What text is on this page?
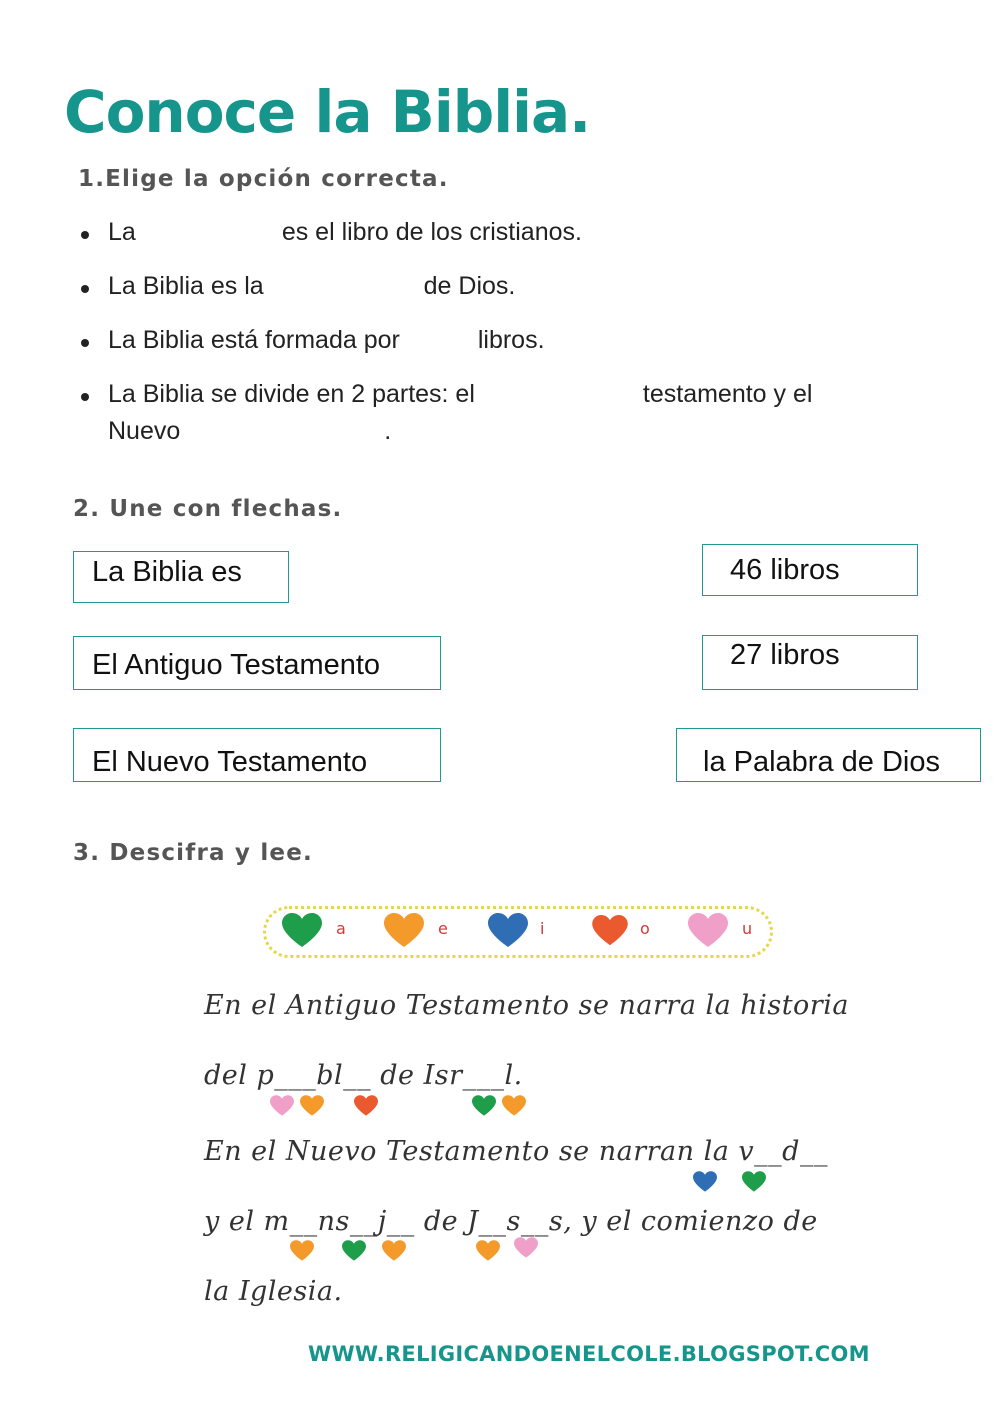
Conoce la Biblia.
1.Elige la opción correcta.
La	es el libro de los cristianos.
La Biblia es la	de Dios.
La Biblia está formada por	libros.
La Biblia se divide en 2 partes: el	testamento y el
Nuevo	.
2. Une con flechas.
La Biblia es
El Antiguo Testamento
El Nuevo Testamento
46 libros
27 libros
la Palabra de Dios
3. Descifra y lee.
a	e	i	o	u
En el Antiguo Testamento se narra la historia
del p___bl__ de Isr___l.
En el Nuevo Testamento se narran la v__d__
y el m__ns__j__ de J__s__s, y el comienzo de
la Iglesia.
WWW.RELIGICANDOENELCOLE.BLOGSPOT.COM
